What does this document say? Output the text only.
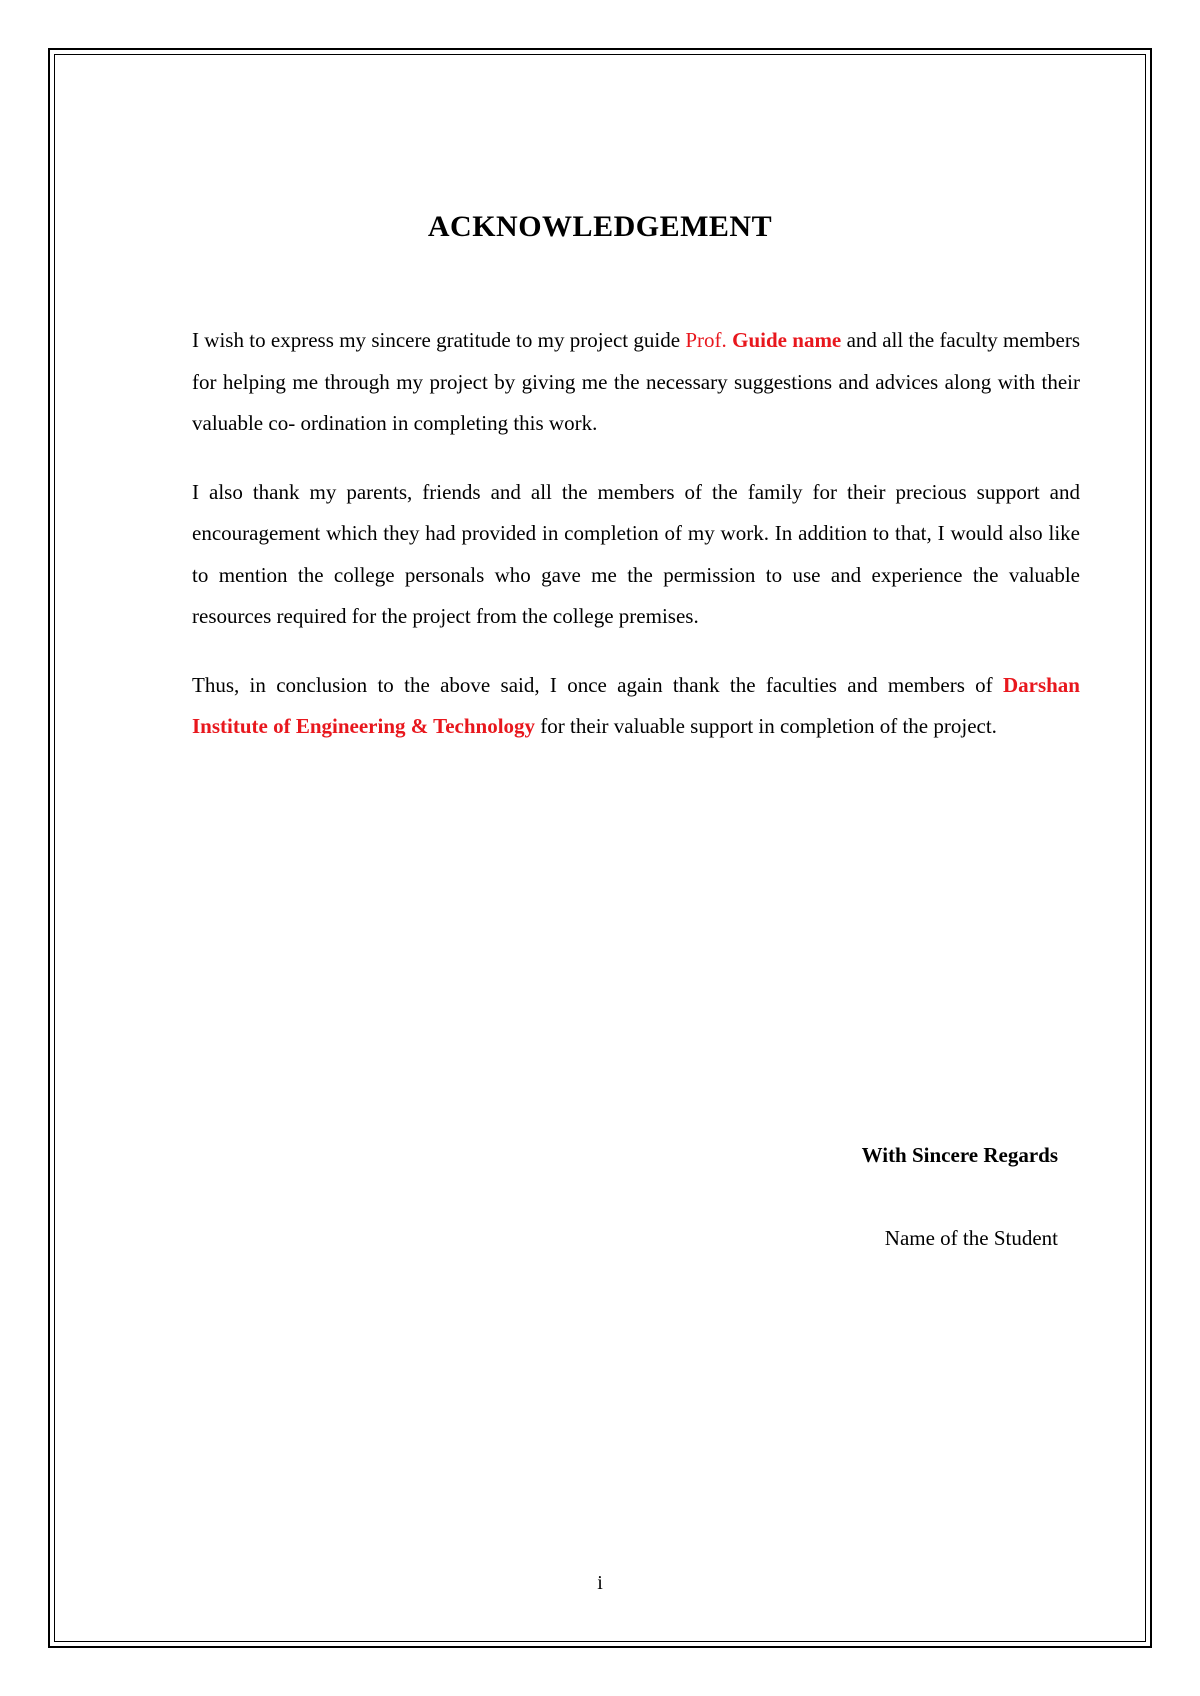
ACKNOWLEDGEMENT

I wish to express my sincere gratitude to my project guide Prof. Guide name and all the faculty members for helping me through my project by giving me the necessary suggestions and advices along with their valuable co- ordination in completing this work.

I also thank my parents, friends and all the members of the family for their precious support and encouragement which they had provided in completion of my work. In addition to that, I would also like to mention the college personals who gave me the permission to use and experience the valuable resources required for the project from the college premises.

Thus, in conclusion to the above said, I once again thank the faculties and members of Darshan Institute of Engineering & Technology for their valuable support in completion of the project.

With Sincere Regards
Name of the Student
i
